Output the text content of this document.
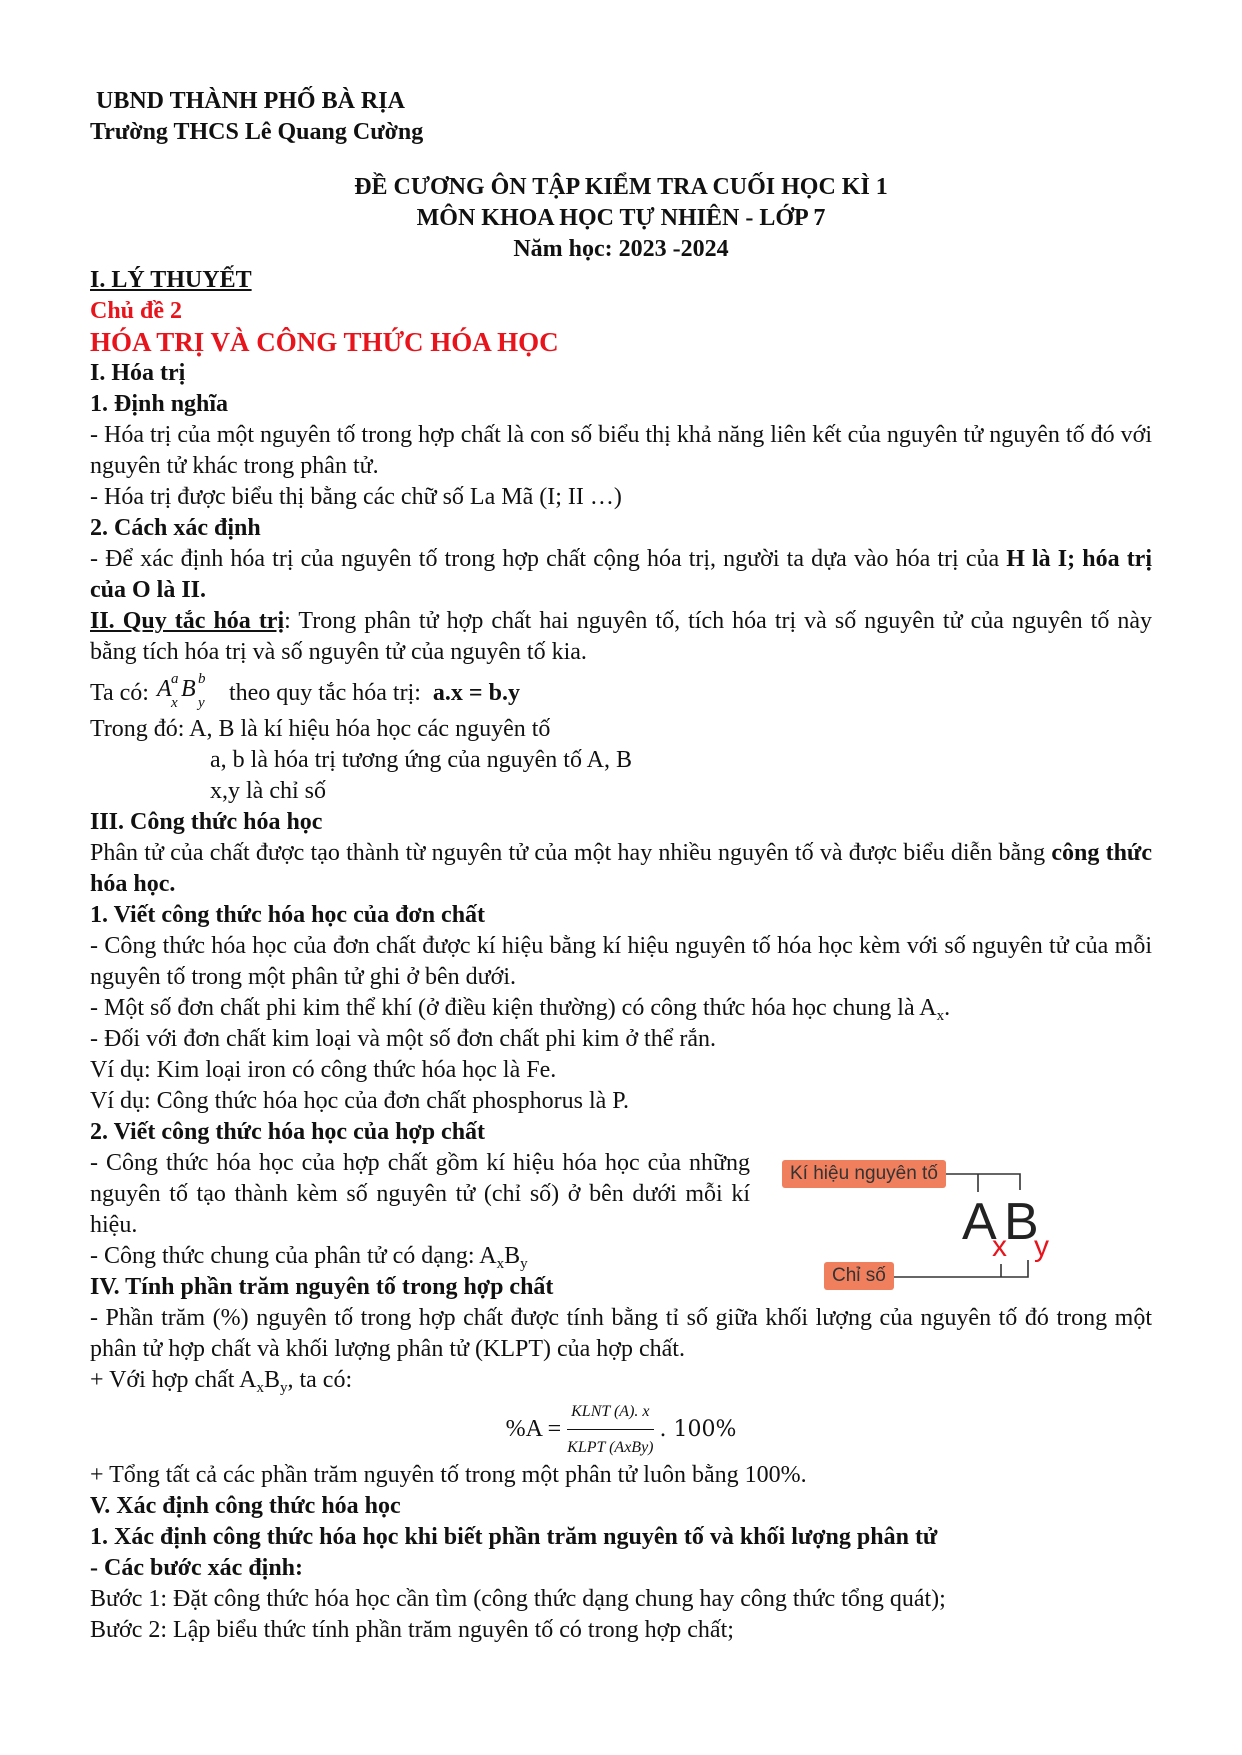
UBND THÀNH PHỐ BÀ RỊA
Trường THCS Lê Quang Cường
ĐỀ CƯƠNG ÔN TẬP KIỂM TRA CUỐI HỌC KÌ 1
MÔN KHOA HỌC TỰ NHIÊN - LỚP 7
Năm học: 2023 -2024
I. LÝ THUYẾT
Chủ đề 2
HÓA TRỊ VÀ CÔNG THỨC HÓA HỌC
I. Hóa trị
1. Định nghĩa
- Hóa trị của một nguyên tố trong hợp chất là con số biểu thị khả năng liên kết của nguyên tử nguyên tố đó với nguyên tử khác trong phân tử.
- Hóa trị được biểu thị bằng các chữ số La Mã (I; II …)
2. Cách xác định
- Để xác định hóa trị của nguyên tố trong hợp chất cộng hóa trị, người ta dựa vào hóa trị của H là I; hóa trị của O là II.
II. Quy tắc hóa trị: Trong phân tử hợp chất hai nguyên tố, tích hóa trị và số nguyên tử của nguyên tố này bằng tích hóa trị và số nguyên tử của nguyên tố kia.
Ta có: A a
x
B b
y theo quy tắc hóa trị: a.x = b.y
Trong đó: A, B là kí hiệu hóa học các nguyên tố
a, b là hóa trị tương ứng của nguyên tố A, B
x,y là chỉ số
III. Công thức hóa học
Phân tử của chất được tạo thành từ nguyên tử của một hay nhiều nguyên tố và được biểu diễn bằng công thức hóa học.
1. Viết công thức hóa học của đơn chất
- Công thức hóa học của đơn chất được kí hiệu bằng kí hiệu nguyên tố hóa học kèm với số nguyên tử của mỗi nguyên tố trong một phân tử ghi ở bên dưới.
- Một số đơn chất phi kim thể khí (ở điều kiện thường) có công thức hóa học chung là $A_x$.
- Đối với đơn chất kim loại và một số đơn chất phi kim ở thể rắn.
Ví dụ: Kim loại iron có công thức hóa học là Fe.
Ví dụ: Công thức hóa học của đơn chất phosphorus là P.
2. Viết công thức hóa học của hợp chất
- Công thức hóa học của hợp chất gồm kí hiệu hóa học của những nguyên tố tạo thành kèm số nguyên tử (chỉ số) ở bên dưới mỗi kí hiệu.
- Công thức chung của phân tử có dạng: $A_xB_y$
IV. Tính phần trăm nguyên tố trong hợp chất
- Phần trăm (%) nguyên tố trong hợp chất được tính bằng tỉ số giữa khối lượng của nguyên tố đó trong một phân tử hợp chất và khối lượng phân tử (KLPT) của hợp chất.
+ Với hợp chất $A_xB_y$, ta có:
$\%A = \frac{\text{KLNT (A). x}}{\text{KLPT (AxBy)}}$ . 100%
+ Tổng tất cả các phần trăm nguyên tố trong một phân tử luôn bằng 100%.
V. Xác định công thức hóa học
1. Xác định công thức hóa học khi biết phần trăm nguyên tố và khối lượng phân tử
- Các bước xác định:
Bước 1: Đặt công thức hóa học cần tìm (công thức dạng chung hay công thức tổng quát);
Bước 2: Lập biểu thức tính phần trăm nguyên tố có trong hợp chất;
Kí hiệu nguyên tố
Chỉ số
A B
x y
